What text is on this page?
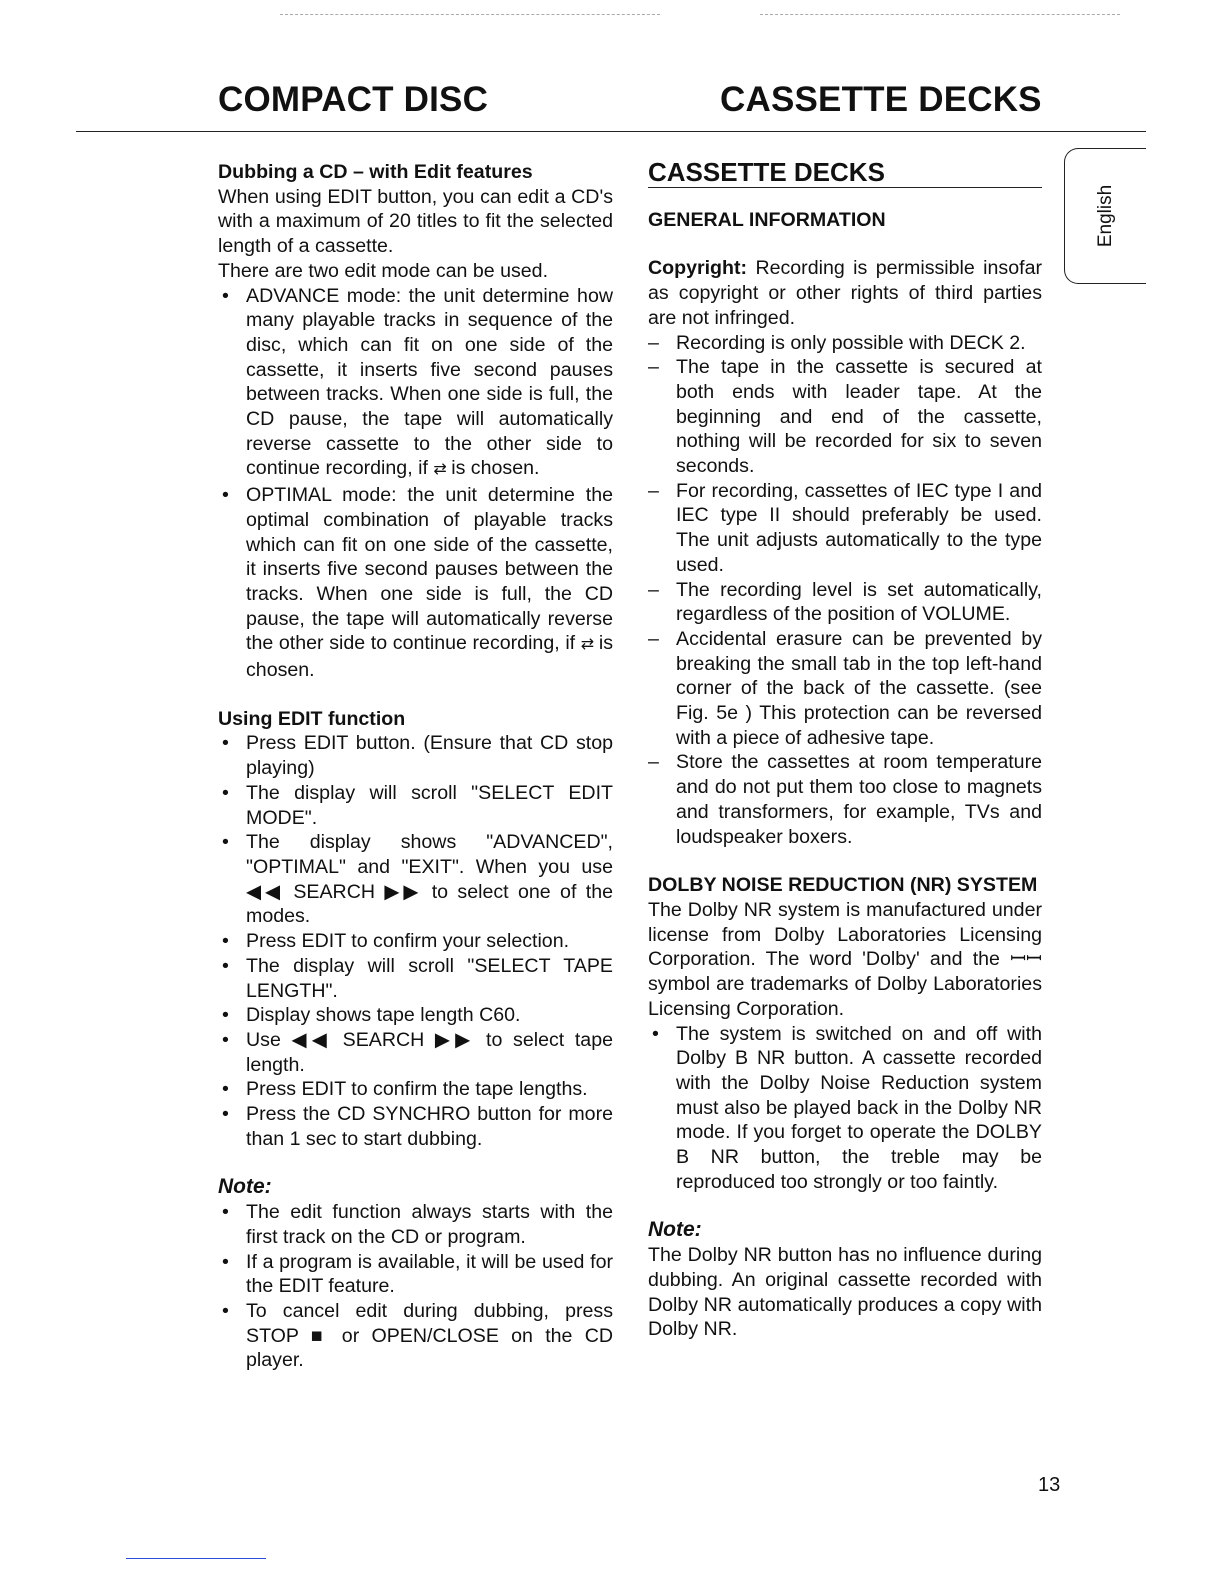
COMPACT DISC	CASSETTE DECKS
English
Dubbing a CD – with Edit features

When using EDIT button, you can edit a CD's with a maximum of 20 titles to fit the selected length of a cassette.

There are two edit mode can be used.

• ADVANCE mode: the unit determine how many playable tracks in sequence of the disc, which can fit on one side of the cassette, it inserts five second pauses between tracks. When one side is full, the CD pause, the tape will automatically reverse cassette to the other side to continue recording, if ⇄ is chosen.
• OPTIMAL mode: the unit determine the optimal combination of playable tracks which can fit on one side of the cassette, it inserts five second pauses between the tracks. When one side is full, the CD pause, the tape will automatically reverse the other side to continue recording, if ⇄ is chosen.
Using EDIT function
• Press EDIT button. (Ensure that CD stop playing)
• The display will scroll "SELECT EDIT MODE".
• The display shows "ADVANCED", "OPTIMAL" and "EXIT". When you use ◀◀ SEARCH ▶▶ to select one of the modes.
• Press EDIT to confirm your selection.
• The display will scroll "SELECT TAPE LENGTH".
• Display shows tape length C60.
• Use ◀◀ SEARCH ▶▶ to select tape length.
• Press EDIT to confirm the tape lengths.
• Press the CD SYNCHRO button for more than 1 sec to start dubbing.
Note:
• The edit function always starts with the first track on the CD or program.
• If a program is available, it will be used for the EDIT feature.
• To cancel edit during dubbing, press STOP ■ or OPEN/CLOSE on the CD player.
CASSETTE DECKS
GENERAL INFORMATION

Copyright: Recording is permissible insofar as copyright or other rights of third parties are not infringed.

– Recording is only possible with DECK 2.
– The tape in the cassette is secured at both ends with leader tape. At the beginning and end of the cassette, nothing will be recorded for six to seven seconds.
– For recording, cassettes of IEC type I and IEC type II should preferably be used. The unit adjusts automatically to the type used.
– The recording level is set automatically, regardless of the position of VOLUME.
– Accidental erasure can be prevented by breaking the small tab in the top left-hand corner of the back of the cassette. (see Fig. 5e ) This protection can be reversed with a piece of adhesive tape.
– Store the cassettes at room temperature and do not put them too close to magnets and transformers, for example, TVs and loudspeaker boxers.
DOLBY NOISE REDUCTION (NR) SYSTEM

The Dolby NR system is manufactured under license from Dolby Laboratories Licensing Corporation. The word 'Dolby' and the ꟷꟷ symbol are trademarks of Dolby Laboratories Licensing Corporation.

• The system is switched on and off with Dolby B NR button. A cassette recorded with the Dolby Noise Reduction system must also be played back in the Dolby NR mode. If you forget to operate the DOLBY B NR button, the treble may be reproduced too strongly or too faintly.
Note:

The Dolby NR button has no influence during dubbing. An original cassette recorded with Dolby NR automatically produces a copy with Dolby NR.

13
